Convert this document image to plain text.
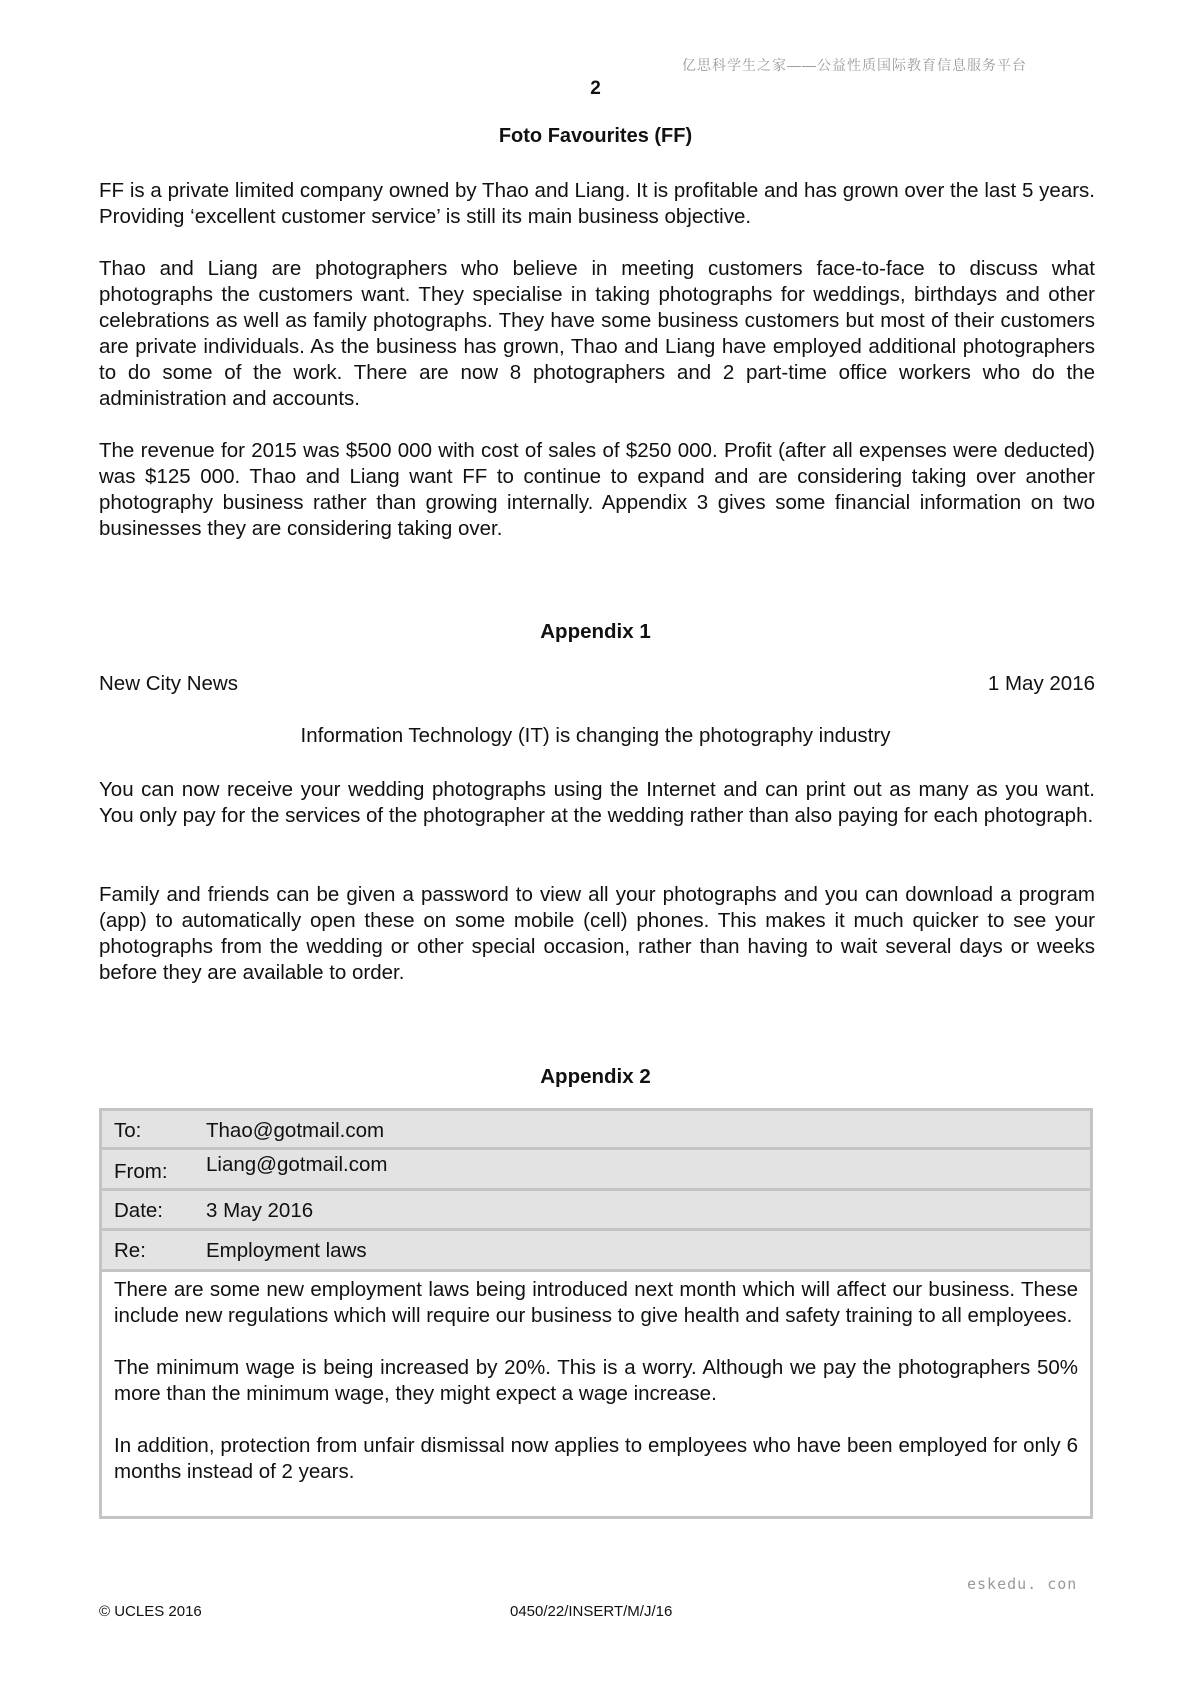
亿思科学生之家——公益性质国际教育信息服务平台
2
Foto Favourites (FF)

FF is a private limited company owned by Thao and Liang. It is profitable and has grown over the last 5 years. Providing ‘excellent customer service’ is still its main business objective.

Thao and Liang are photographers who believe in meeting customers face-to-face to discuss what photographs the customers want. They specialise in taking photographs for weddings, birthdays and other celebrations as well as family photographs. They have some business customers but most of their customers are private individuals. As the business has grown, Thao and Liang have employed additional photographers to do some of the work. There are now 8 photographers and 2 part-time office workers who do the administration and accounts.

The revenue for 2015 was $500 000 with cost of sales of $250 000. Profit (after all expenses were deducted) was $125 000. Thao and Liang want FF to continue to expand and are considering taking over another photography business rather than growing internally. Appendix 3 gives some financial information on two businesses they are considering taking over.

Appendix 1
New City News	1 May 2016
Information Technology (IT) is changing the photography industry

You can now receive your wedding photographs using the Internet and can print out as many as you want. You only pay for the services of the photographer at the wedding rather than also paying for each photograph.

Family and friends can be given a password to view all your photographs and you can download a program (app) to automatically open these on some mobile (cell) phones. This makes it much quicker to see your photographs from the wedding or other special occasion, rather than having to wait several days or weeks before they are available to order.

Appendix 2
To:	Thao@gotmail.com
From: Liang@gotmail.com
Date: 3 May 2016
Re:	Employment laws

There are some new employment laws being introduced next month which will affect our business. These include new regulations which will require our business to give health and safety training to all employees.

The minimum wage is being increased by 20%. This is a worry. Although we pay the photographers 50% more than the minimum wage, they might expect a wage increase.

In addition, protection from unfair dismissal now applies to employees who have been employed for only 6 months instead of 2 years.

eskedu. con
© UCLES 2016	0450/22/INSERT/M/J/16
